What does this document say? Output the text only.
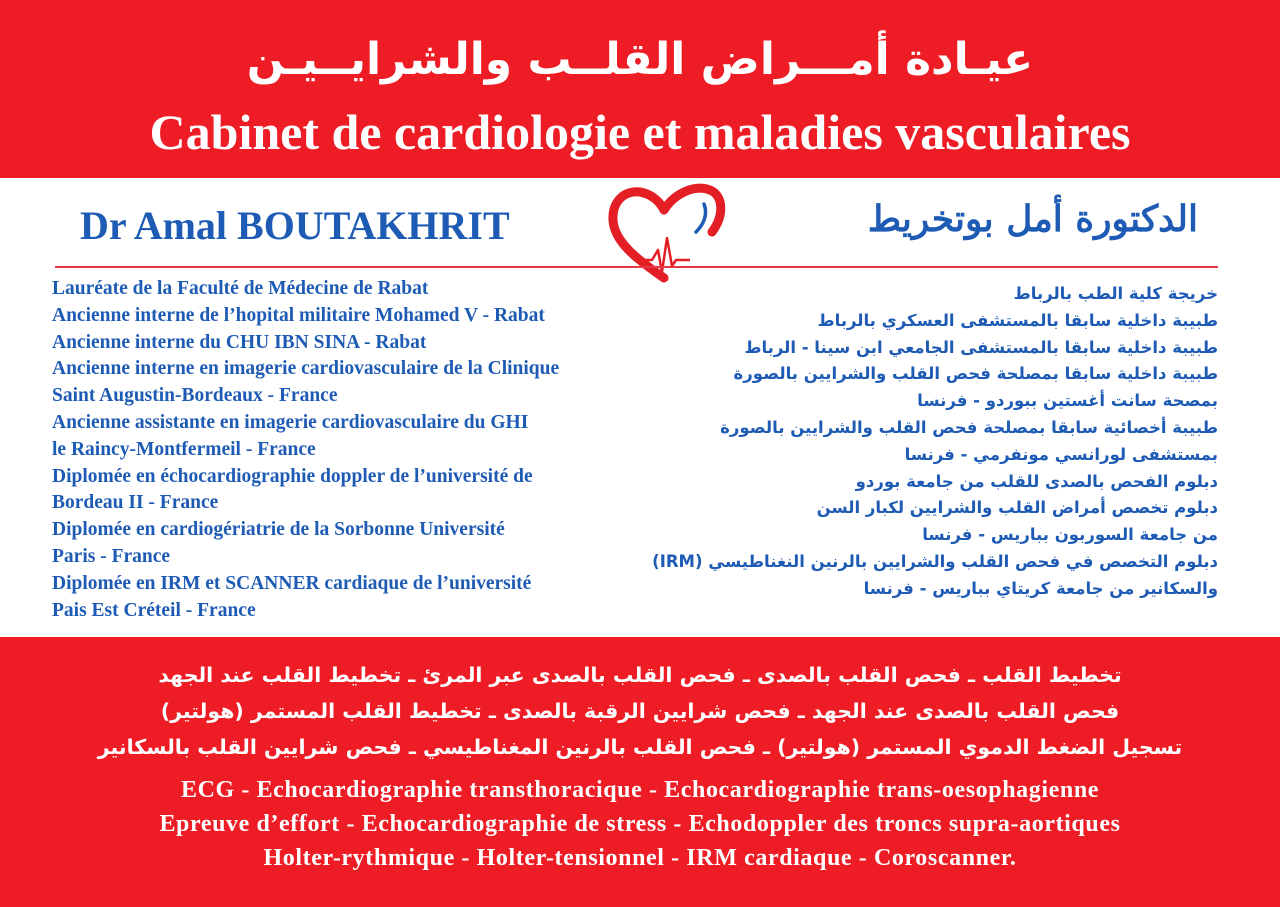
عيـادة أمـــراض القلــب والشرايــيـن
Cabinet de cardiologie et maladies vasculaires
Dr Amal BOUTAKHRIT	الدكتورة أمل بوتخريط
Lauréate de la Faculté de Médecine de Rabat
Ancienne interne de l’hopital militaire Mohamed V - Rabat
Ancienne interne du CHU IBN SINA - Rabat
Ancienne interne en imagerie cardiovasculaire de la Clinique
Saint Augustin-Bordeaux - France
Ancienne assistante en imagerie cardiovasculaire du GHI
le Raincy-Montfermeil - France
Diplomée en échocardiographie doppler de l’université de
Bordeau II - France
Diplomée en cardiogériatrie de la Sorbonne Université
Paris - France
Diplomée en IRM et SCANNER cardiaque de l’université
Pais Est Créteil - France
خريجة كلية الطب بالرباط
طبيبة داخلية سابقا بالمستشفى العسكري بالرباط
طبيبة داخلية سابقا بالمستشفى الجامعي ابن سينا - الرباط
طبيبة داخلية سابقا بمصلحة فحص القلب والشرايين بالصورة
بمصحة سانت أغستين ببوردو - فرنسا
طبيبة أخصائية سابقا بمصلحة فحص القلب والشرايين بالصورة
بمستشفى لورانسي مونفرمي - فرنسا
دبلوم الفحص بالصدى للقلب من جامعة بوردو
دبلوم تخصص أمراض القلب والشرايين لكبار السن
من جامعة السوربون بباريس - فرنسا
دبلوم التخصص في فحص القلب والشرايين بالرنين النغناطيسي (IRM)
والسكانير من جامعة كريتاي بباريس - فرنسا
تخطيط القلب ـ فحص القلب بالصدى ـ فحص القلب بالصدى عبر المرئ ـ تخطيط القلب عند الجهد
فحص القلب بالصدى عند الجهد ـ فحص شرايين الرقبة بالصدى ـ تخطيط القلب المستمر (هولتير)
تسجيل الضغط الدموي المستمر (هولتير) ـ فحص القلب بالرنين المغناطيسي ـ فحص شرايين القلب بالسكانير
ECG - Echocardiographie transthoracique - Echocardiographie trans-oesophagienne
Epreuve d’effort - Echocardiographie de stress - Echodoppler des troncs supra-aortiques
Holter-rythmique - Holter-tensionnel - IRM cardiaque - Coroscanner.
